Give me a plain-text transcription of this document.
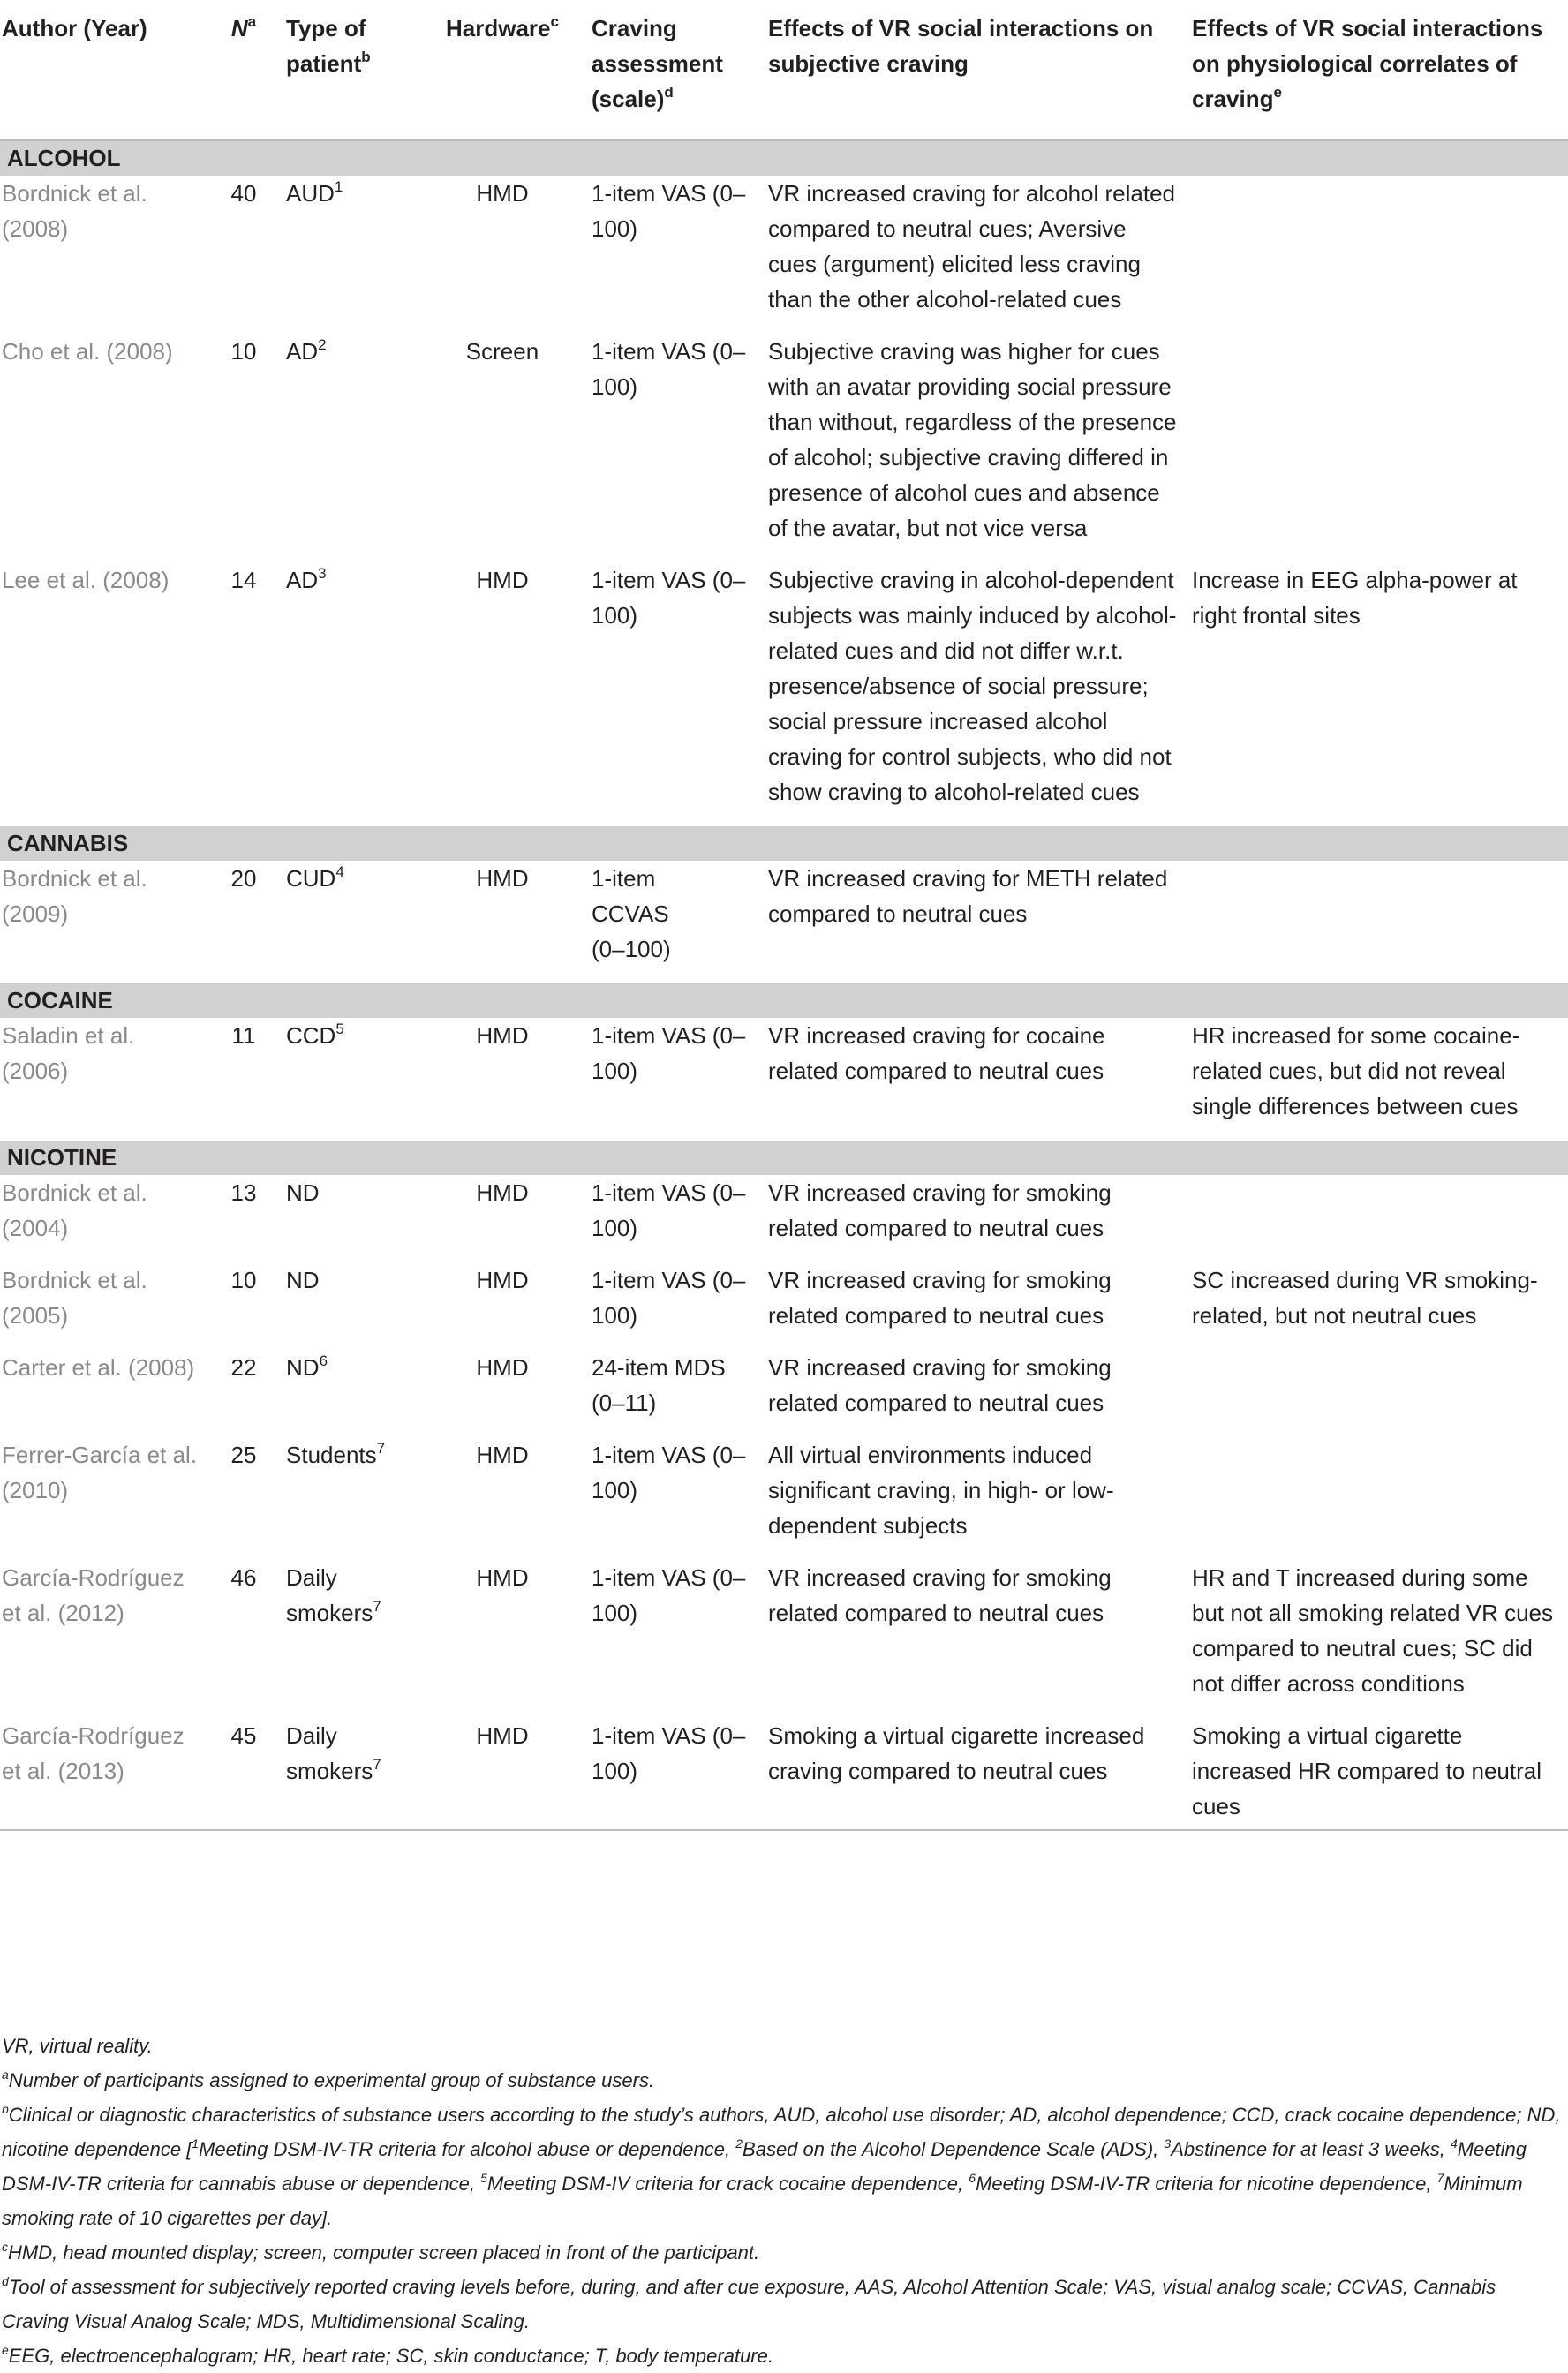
Author (Year)	$N^a$	Type of patient$^b$	Hardware$^c$	Craving assessment (scale)$^d$	Effects of VR social interactions on subjective craving	Effects of VR social interactions on physiological correlates of craving$^e$
ALCOHOL						
Bordnick et al. (2008)	40	AUD$^1$	HMD	1-item VAS (0–100)	VR increased craving for alcohol related compared to neutral cues; Aversive cues (argument) elicited less craving than the other alcohol-related cues	
Cho et al. (2008)	10	$AD^2$	Screen	1-item VAS (0–100)	Subjective craving was higher for cues with an avatar providing social pressure than without, regardless of the presence of alcohol; subjective craving differed in presence of alcohol cues and absence of the avatar, but not vice versa	
Lee et al. (2008)	14	$AD^3$	HMD	1-item VAS (0–100)	Subjective craving in alcohol-dependent subjects was mainly induced by alcohol-related cues and did not differ w.r.t. presence/absence of social pressure; social pressure increased alcohol craving for control subjects, who did not show craving to alcohol-related cues	Increase in EEG alpha-power at right frontal sites
CANNABIS						
Bordnick et al. (2009)	20	CUD$^4$	HMD	1-item CCVAS (0–100)	VR increased craving for METH related compared to neutral cues	
COCAINE						
Saladin et al. (2006)	11	CCD$^5$	HMD	1-item VAS (0–100)	VR increased craving for cocaine related compared to neutral cues	HR increased for some cocaine-related cues, but did not reveal single differences between cues
NICOTINE						
Bordnick et al. (2004)	13	ND	HMD	1-item VAS (0–100)	VR increased craving for smoking related compared to neutral cues	
Bordnick et al. (2005)	10	ND	HMD	1-item VAS (0–100)	VR increased craving for smoking related compared to neutral cues	SC increased during VR smoking-related, but not neutral cues
Carter et al. (2008)	22	$ND^6$	HMD	24-item MDS (0–11)	VR increased craving for smoking related compared to neutral cues	
Ferrer-García et al. (2010)	25	Students$^7$	HMD	1-item VAS (0–100)	All virtual environments induced significant craving, in high- or low-dependent subjects	
García-Rodríguez et al. (2012)	46	Daily smokers$^7$	HMD	1-item VAS (0–100)	VR increased craving for smoking related compared to neutral cues	HR and T increased during some but not all smoking related VR cues compared to neutral cues; SC did not differ across conditions
García-Rodríguez et al. (2013)	45	Daily smokers$^7$	HMD	1-item VAS (0–100)	Smoking a virtual cigarette increased craving compared to neutral cues	Smoking a virtual cigarette increased HR compared to neutral cues

VR, virtual reality.

$^a$Number of participants assigned to experimental group of substance users.

$^b$Clinical or diagnostic characteristics of substance users according to the study’s authors, AUD, alcohol use disorder; AD, alcohol dependence; CCD, crack cocaine dependence; ND, nicotine dependence [$^1$Meeting DSM-IV-TR criteria for alcohol abuse or dependence, $^2$Based on the Alcohol Dependence Scale (ADS), $^3$Abstinence for at least 3 weeks, $^4$Meeting DSM-IV-TR criteria for cannabis abuse or dependence, $^5$Meeting DSM-IV criteria for crack cocaine dependence, $^6$Meeting DSM-IV-TR criteria for nicotine dependence, $^7$Minimum smoking rate of 10 cigarettes per day].

$^c$HMD, head mounted display; screen, computer screen placed in front of the participant.

$^d$Tool of assessment for subjectively reported craving levels before, during, and after cue exposure, AAS, Alcohol Attention Scale; VAS, visual analog scale; CCVAS, Cannabis Craving Visual Analog Scale; MDS, Multidimensional Scaling.

$^e$EEG, electroencephalogram; HR, heart rate; SC, skin conductance; T, body temperature.
